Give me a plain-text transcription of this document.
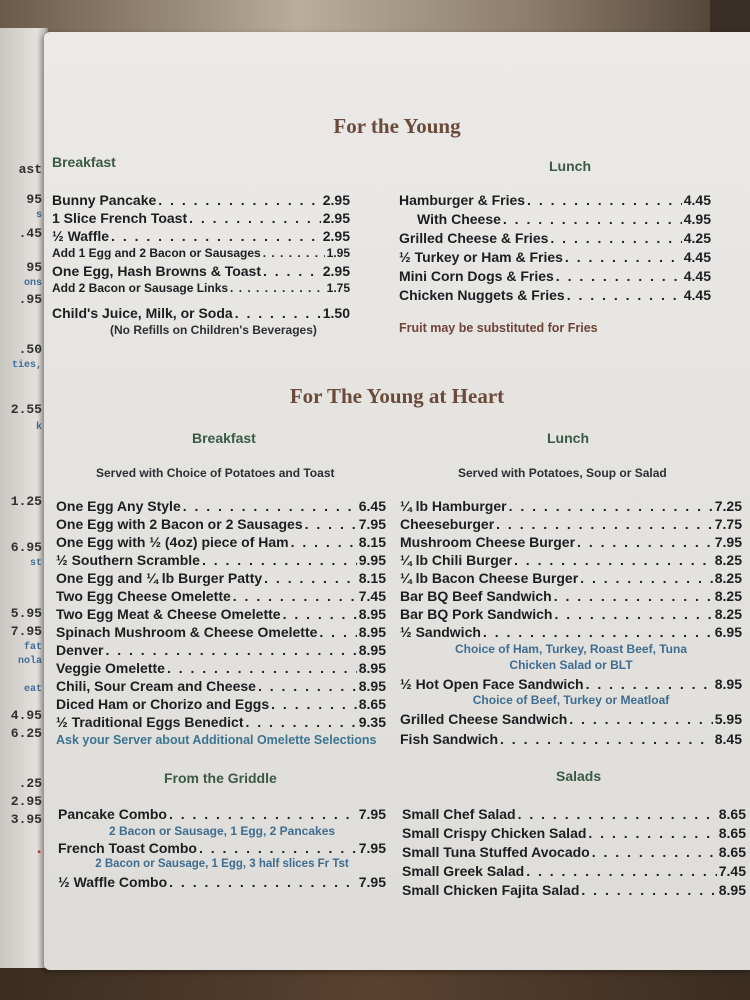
ast
95
s
.45
95
ons
.95
.50
ties,
2.55
k
1.25
6.95
st
5.95
7.95
fat
nola
eat
4.95
6.25
.25
2.95
3.95
▪
For the Young
Breakfast	Lunch
Bunny Pancake . . .	2.95
1 Slice French Toast . . .	2.95
½ Waffle . . .	2.95
Add 1 Egg and 2 Bacon or Sausages . . .	1.95
One Egg, Hash Browns & Toast . . .	2.95
Add 2 Bacon or Sausage Links . . .	1.75
Child's Juice, Milk, or Soda . . .	1.50
(No Refills on Children's Beverages)
Hamburger & Fries . . .	4.45
With Cheese . . .	4.95
Grilled Cheese & Fries . . .	4.25
½ Turkey or Ham & Fries . . .	4.45
Mini Corn Dogs & Fries . . .	4.45
Chicken Nuggets & Fries . . .	4.45
Fruit may be substituted for Fries
For The Young at Heart
Breakfast	Lunch
Served with Choice of Potatoes and Toast	Served with Potatoes, Soup or Salad
One Egg Any Style . . .	6.45
One Egg with 2 Bacon or 2 Sausages . . .	7.95
One Egg with ½ (4oz) piece of Ham . . .	8.15
½ Southern Scramble . . .	9.95
One Egg and ¼ lb Burger Patty . . .	8.15
Two Egg Cheese Omelette . . .	7.45
Two Egg Meat & Cheese Omelette . . .	8.95
Spinach Mushroom & Cheese Omelette . . .	8.95
Denver . . .	8.95
Veggie Omelette . . .	8.95
Chili, Sour Cream and Cheese . . .	8.95
Diced Ham or Chorizo and Eggs . . .	8.65
½ Traditional Eggs Benedict . . .	9.35
Ask your Server about Additional Omelette Selections
¼ lb Hamburger . . .	7.25
Cheeseburger . . .	7.75
Mushroom Cheese Burger . . .	7.95
¼ lb Chili Burger . . .	8.25
¼ lb Bacon Cheese Burger . . .	8.25
Bar BQ Beef Sandwich . . .	8.25
Bar BQ Pork Sandwich . . .	8.25
½ Sandwich . . .	6.95
Choice of Ham, Turkey, Roast Beef, Tuna
Chicken Salad or BLT
½ Hot Open Face Sandwich . . .	8.95
Choice of Beef, Turkey or Meatloaf
Grilled Cheese Sandwich . . .	5.95
Fish Sandwich . . .	8.45
From the Griddle
Pancake Combo . . .	7.95
2 Bacon or Sausage, 1 Egg, 2 Pancakes
French Toast Combo . . .	7.95
2 Bacon or Sausage, 1 Egg, 3 half slices Fr Tst
½ Waffle Combo . . .	7.95
Salads
Small Chef Salad . . .	8.65
Small Crispy Chicken Salad . . .	8.65
Small Tuna Stuffed Avocado . . .	8.65
Small Greek Salad . . .	7.45
Small Chicken Fajita Salad . . .	8.95
